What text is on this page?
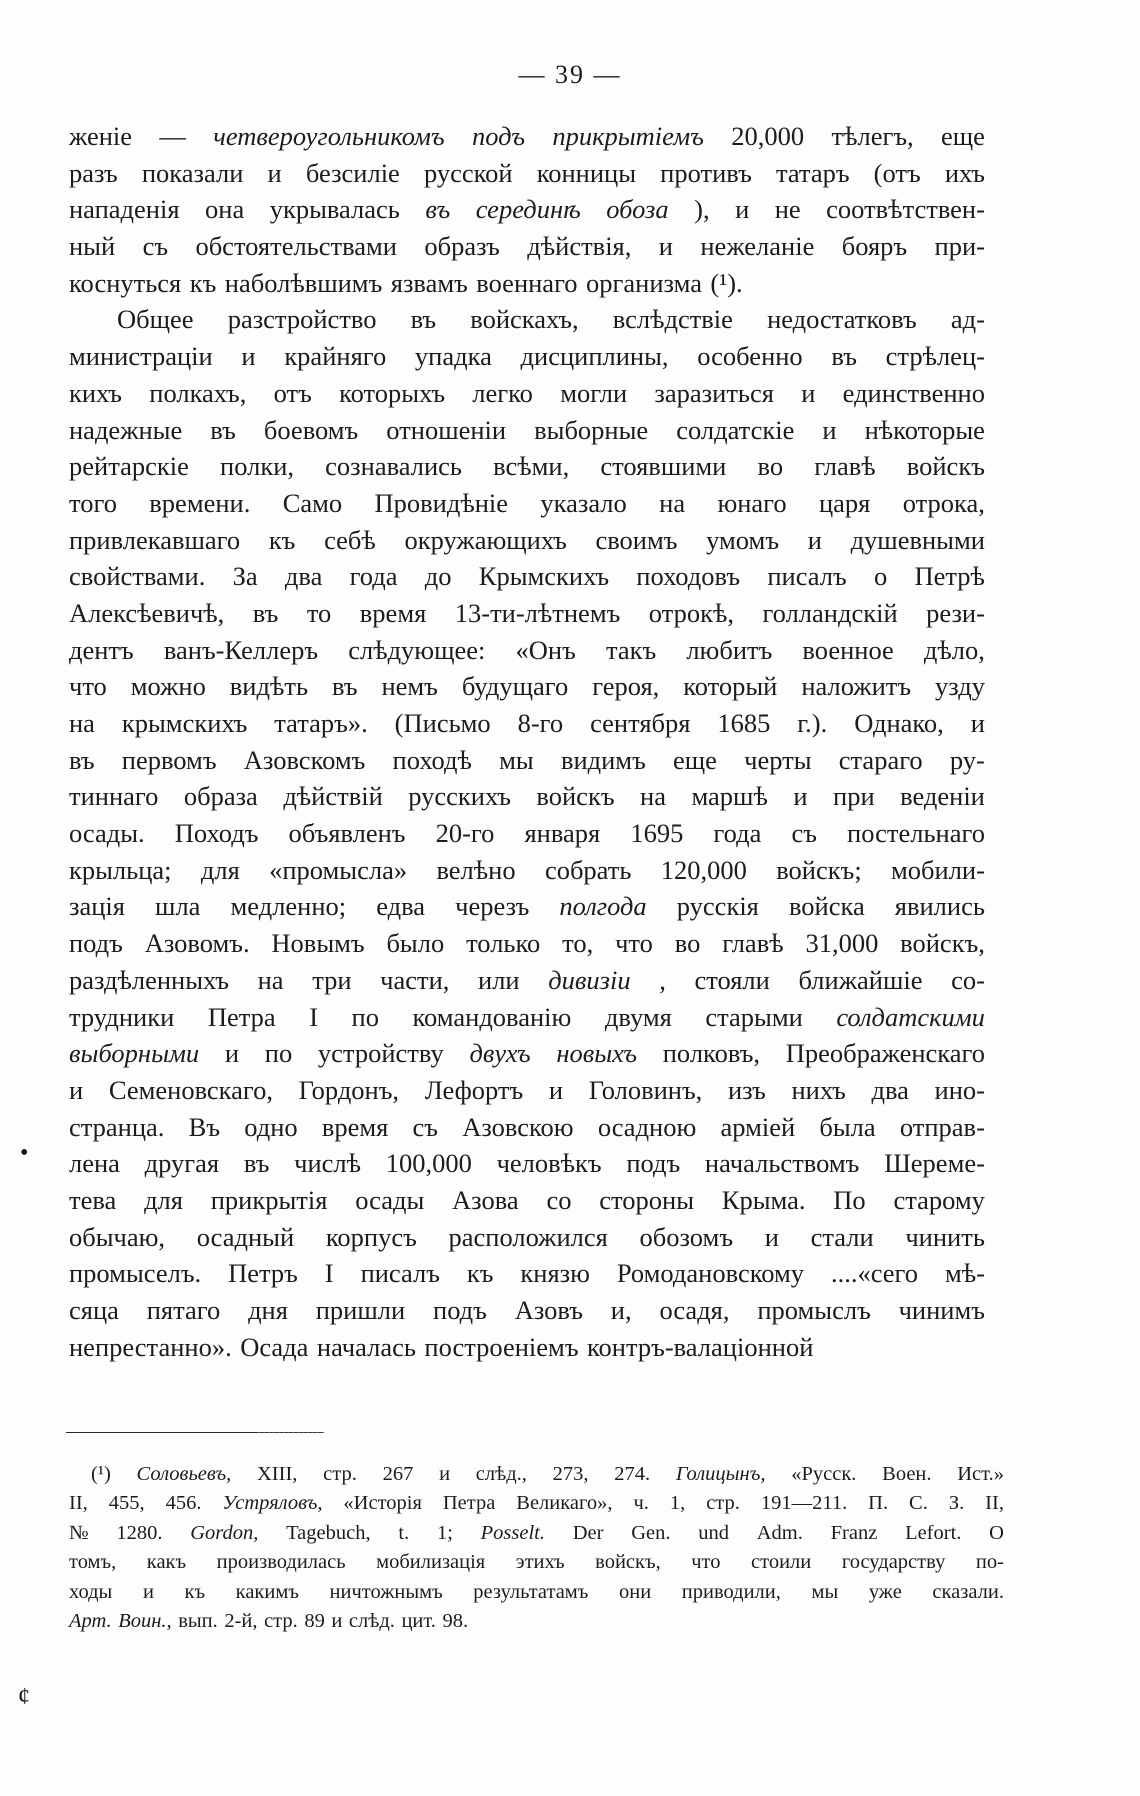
— 39 —
женіе — четвероугольникомъ подъ прикрытіемъ 20,000 тѣлегъ, еще
разъ показали и безсиліе русской конницы противъ татаръ (отъ ихъ
нападенія она укрывалась въ серединѣ обоза ), и не соотвѣтствен-
ный съ обстоятельствами образъ дѣйствія, и нежеланіе бояръ при-
коснуться къ наболѣвшимъ язвамъ военнаго организма (¹).
Общее разстройство въ войскахъ, вслѣдствіе недостатковъ ад-
министраціи и крайняго упадка дисциплины, особенно въ стрѣлец-
кихъ полкахъ, отъ которыхъ легко могли заразиться и единственно
надежные въ боевомъ отношеніи выборные солдатскіе и нѣкоторые
рейтарскіе полки, сознавались всѣми, стоявшими во главѣ войскъ
того времени. Само Провидѣніе указало на юнаго царя отрока,
привлекавшаго къ себѣ окружающихъ своимъ умомъ и душевными
свойствами. За два года до Крымскихъ походовъ писалъ о Петрѣ
Алексѣевичѣ, въ то время 13-ти-лѣтнемъ отрокѣ, голландскій рези-
дентъ ванъ-Келлеръ слѣдующее: «Онъ такъ любитъ военное дѣло,
что можно видѣть въ немъ будущаго героя, который наложитъ узду
на крымскихъ татаръ». (Письмо 8-го сентября 1685 г.). Однако, и
въ первомъ Азовскомъ походѣ мы видимъ еще черты стараго ру-
тиннаго образа дѣйствій русскихъ войскъ на маршѣ и при веденіи
осады. Походъ объявленъ 20-го января 1695 года съ постельнаго
крыльца; для «промысла» велѣно собрать 120,000 войскъ; мобили-
зація шла медленно; едва черезъ полгода русскія войска явились
подъ Азовомъ. Новымъ было только то, что во главѣ 31,000 войскъ,
раздѣленныхъ на три части, или дивизіи , стояли ближайшіе со-
трудники Петра I по командованію двумя старыми солдатскими
выборными и по устройству двухъ новыхъ полковъ, Преображенскаго
и Семеновскаго, Гордонъ, Лефортъ и Головинъ, изъ нихъ два ино-
странца. Въ одно время съ Азовскою осадною арміей была отправ-
лена другая въ числѣ 100,000 человѣкъ подъ начальствомъ Шереме-
тева для прикрытія осады Азова со стороны Крыма. По старому
обычаю, осадный корпусъ расположился обозомъ и стали чинить
промыселъ. Петръ I писалъ къ князю Ромодановскому ....«сего мѣ-
сяца пятаго дня пришли подъ Азовъ и, осадя, промыслъ чинимъ
непрестанно». Осада началась построеніемъ контръ-валаціонной
(¹) Соловьевъ, XIII, стр. 267 и слѣд., 273, 274. Голицынъ, «Русск. Воен. Ист.»
II, 455, 456. Устряловъ, «Исторія Петра Великаго», ч. 1, стр. 191—211. П. С. З. II,
№ 1280. Gordon, Tagebuch, t. 1; Posselt. Der Gen. und Adm. Franz Lefort. О
томъ, какъ производилась мобилизація этихъ войскъ, что стоили государству по-
ходы и къ какимъ ничтожнымъ результатамъ они приводили, мы уже сказали.
Арт. Воин., вып. 2-й, стр. 89 и слѣд. цит. 98.
•
¢
